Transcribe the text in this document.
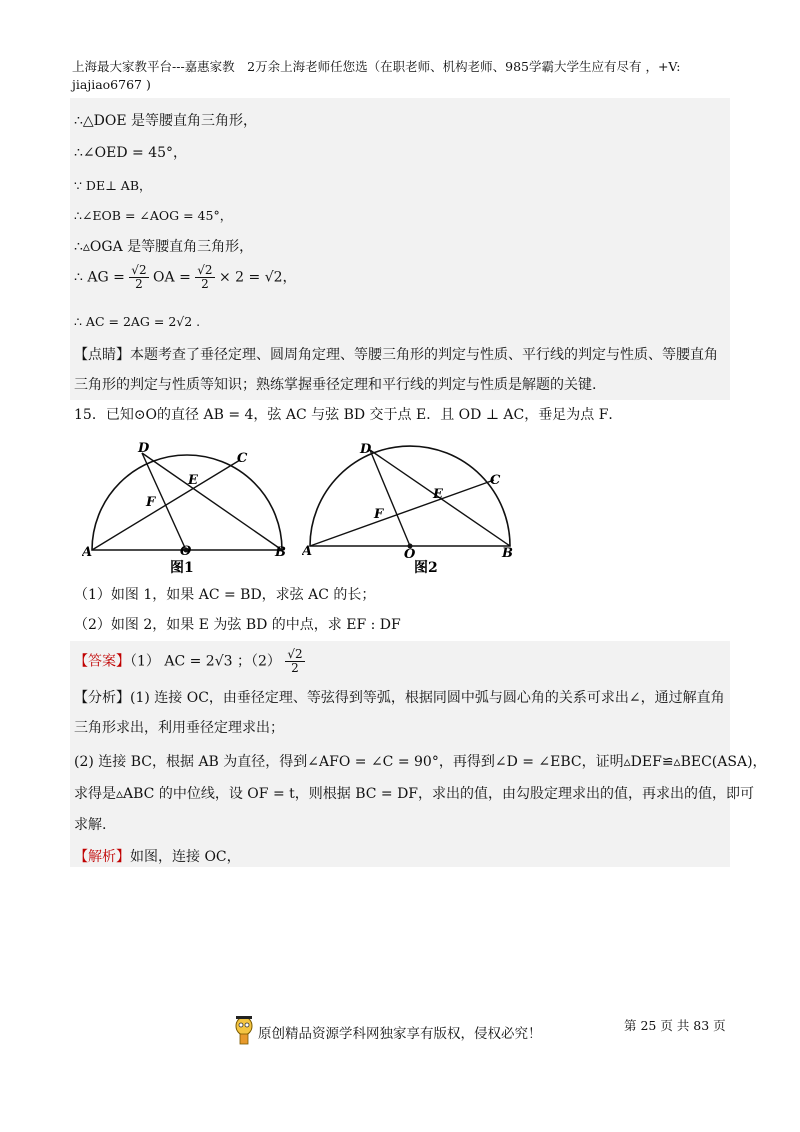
上海最大家教平台---嘉惠家教　2万余上海老师任您选（在职老师、机构老师、985学霸大学生应有尽有 ，+V:
jiajiao6767 )
∴△DOE 是等腰直角三角形，
∴∠OED = 45°，
∵ DE⊥ AB，
∴∠EOB = ∠AOG = 45°，
∴▵OGA 是等腰直角三角形，
∴ AG = $\frac{√2}{2}$ OA = $\frac{√2}{2} \times 2 = √2$，
∴ AC = 2AG = 2√2 .
【点睛】本题考查了垂径定理、圆周角定理、等腰三角形的判定与性质、平行线的判定与性质、等腰直角
三角形的判定与性质等知识；熟练掌握垂径定理和平行线的判定与性质是解题的关键.
15．已知⊙O的直径 AB = 4，弦 AC 与弦 BD 交于点 E．且 OD ⊥ AC，垂足为点 F．
D
C
E
F
A	O	B
图1
D
C
E
F
A	O	B
图2
（1）如图 1，如果 AC = BD，求弦 AC 的长；
（2）如图 2，如果 E 为弦 BD 的中点，求 EF : DF
【答案】（1） AC = 2√3 ；$(2) \frac{√2}{2}$
【分析】(1) 连接 OC，由垂径定理、等弦得到等弧，根据同圆中弧与圆心角的关系可求出∠，通过解直角
三角形求出，利用垂径定理求出；
(2) 连接 BC，根据 AB 为直径，得到∠AFO = ∠C = 90°，再得到∠D = ∠EBC，证明▵DEF≌▵BEC(ASA)，
求得是▵ABC 的中位线，设 OF = t，则根据 BC = DF，求出的值，由勾股定理求出的值，再求出的值，即可
求解.
【解析】如图，连接 OC，
原创精品资源学科网独家享有版权，侵权必究！
第 25 页 共 83 页
